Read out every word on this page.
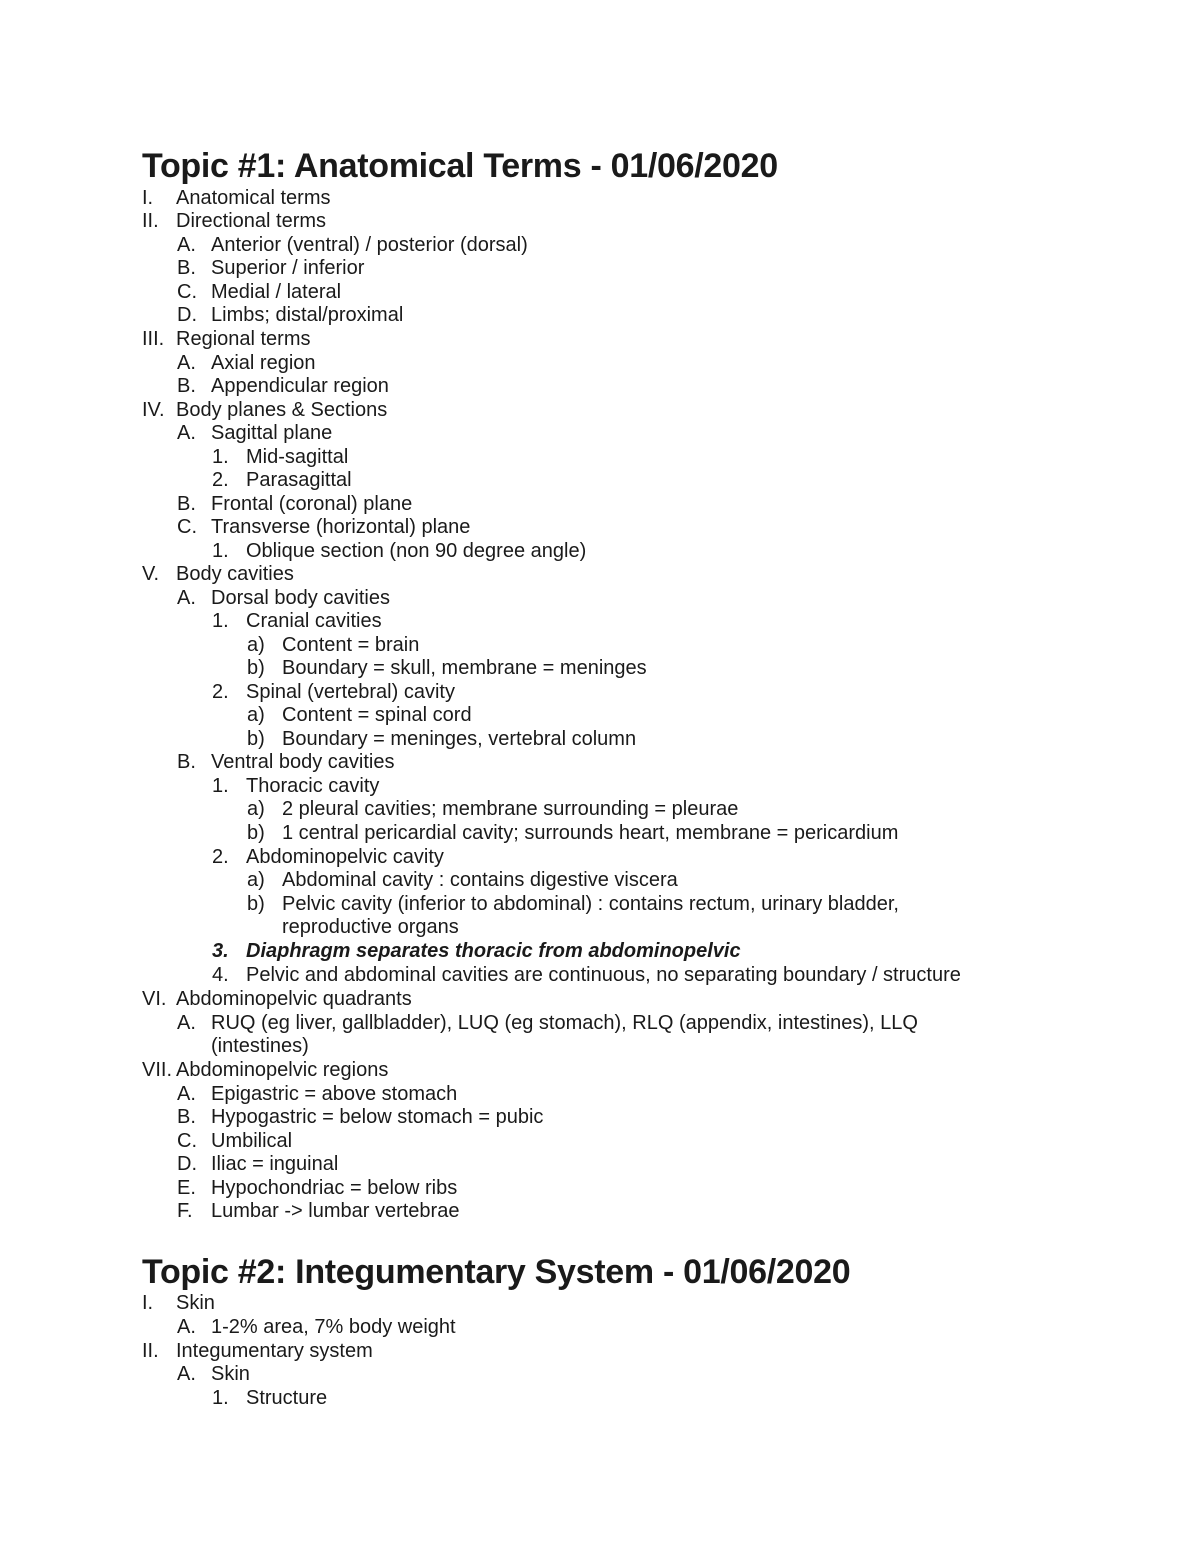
Topic #1: Anatomical Terms - 01/06/2020
I. Anatomical terms
II. Directional terms
A. Anterior (ventral) / posterior (dorsal)
B. Superior / inferior
C. Medial / lateral
D. Limbs; distal/proximal
III. Regional terms
A. Axial region
B. Appendicular region
IV. Body planes & Sections
A. Sagittal plane
1. Mid-sagittal
2. Parasagittal
B. Frontal (coronal) plane
C. Transverse (horizontal) plane
1. Oblique section (non 90 degree angle)
V. Body cavities
A. Dorsal body cavities
1. Cranial cavities
a) Content = brain
b) Boundary = skull, membrane = meninges
2. Spinal (vertebral) cavity
a) Content = spinal cord
b) Boundary = meninges, vertebral column
B. Ventral body cavities
1. Thoracic cavity
a) 2 pleural cavities; membrane surrounding = pleurae
b) 1 central pericardial cavity; surrounds heart, membrane = pericardium
2. Abdominopelvic cavity
a) Abdominal cavity : contains digestive viscera
b) Pelvic cavity (inferior to abdominal) : contains rectum, urinary bladder,
reproductive organs
3. Diaphragm separates thoracic from abdominopelvic
4. Pelvic and abdominal cavities are continuous, no separating boundary / structure
VI. Abdominopelvic quadrants
A. RUQ (eg liver, gallbladder), LUQ (eg stomach), RLQ (appendix, intestines), LLQ
(intestines)
VII. Abdominopelvic regions
A. Epigastric = above stomach
B. Hypogastric = below stomach = pubic
C. Umbilical
D. Iliac = inguinal
E. Hypochondriac = below ribs
F. Lumbar -> lumbar vertebrae
Topic #2: Integumentary System - 01/06/2020
I. Skin
A. 1-2% area, 7% body weight
II. Integumentary system
A. Skin
1. Structure
